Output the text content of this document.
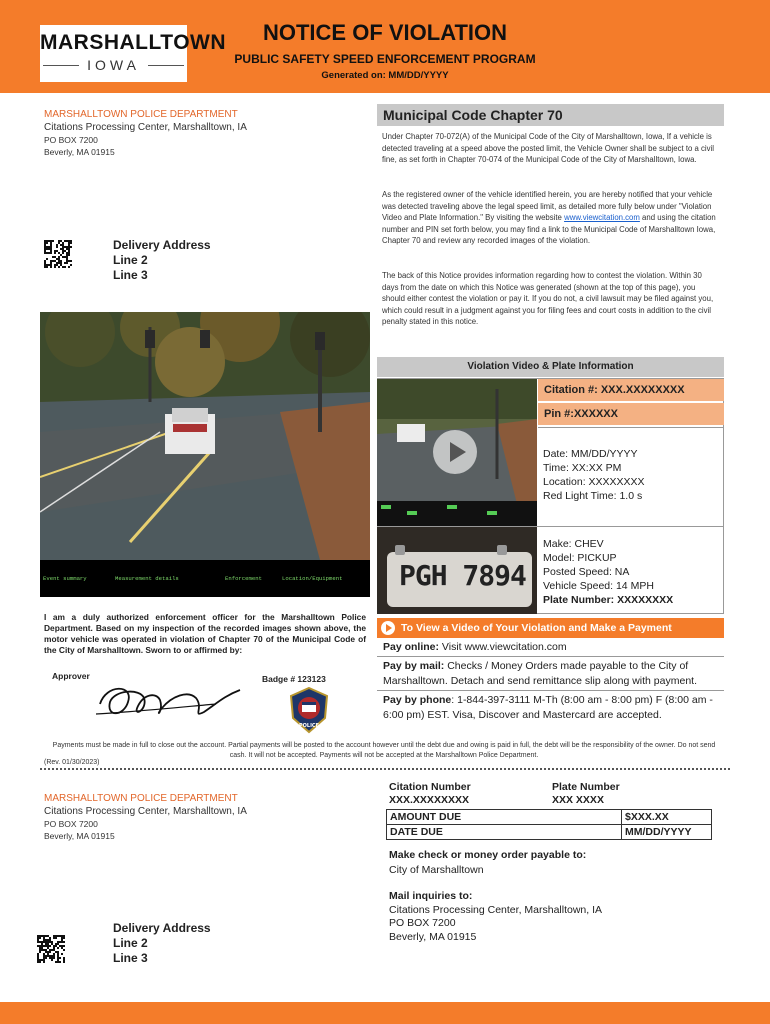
MARSHALLTOWN
IOWA
NOTICE OF VIOLATION
PUBLIC SAFETY SPEED ENFORCEMENT PROGRAM
Generated on: MM/DD/YYYY
MARSHALLTOWN POLICE DEPARTMENT
Citations Processing Center, Marshalltown, IA
PO BOX 7200
Beverly, MA 01915
Delivery Address
Line 2
Line 3
Municipal Code Chapter 70
Under Chapter 70-072(A) of the Municipal Code of the City of Marshalltown, Iowa, If a vehicle is detected traveling at a speed above the posted limit, the Vehicle Owner shall be subject to a civil fine, as set forth in Chapter 70-074 of the Municipal Code of the City of Marshalltown, Iowa.
As the registered owner of the vehicle identified herein, you are hereby notified that your vehicle was detected traveling above the legal speed limit, as detailed more fully below under "Violation Video and Plate Information." By visiting the website www.viewcitation.com and using the citation number and PIN set forth below, you may find a link to the Municipal Code of Marshalltown Iowa, Chapter 70 and review any recorded images of the violation.
The back of this Notice provides information regarding how to contest the violation. Within 30 days from the date on which this Notice was generated (shown at the top of this page), you should either contest the violation or pay it. If you do not, a civil lawsuit may be filed against you, which could result in a judgment against you for filing fees and court costs in addition to the civil penalty stated in this notice.

Event summary	Measurement details	Enforcement	Location/Equipment

Violation Video & Plate Information
Citation #: XXX.XXXXXXXX
Pin #:XXXXXX
Date: MM/DD/YYYY
Time: XX:XX PM
Location: XXXXXXXX
Red Light Time: 1.0 s
PGH 7894
Make: CHEV
Model: PICKUP
Posted Speed: NA
Vehicle Speed: 14 MPH
Plate Number: XXXXXXXX
I am a duly authorized enforcement officer for the Marshalltown Police Department. Based on my inspection of the recorded images shown above, the motor vehicle was operated in violation of Chapter 70 of the Municipal Code of the City of Marshalltown. Sworn to or affirmed by:
Approver	Badge # 123123
POLICE
To View a Video of Your Violation and Make a Payment
Pay online: Visit www.viewcitation.com
Pay by mail: Checks / Money Orders made payable to the City of Marshalltown. Detach and send remittance slip along with payment.
Pay by phone: 1-844-397-3111 M-Th (8:00 am - 8:00 pm) F (8:00 am - 6:00 pm) EST. Visa, Discover and Mastercard are accepted.
Payments must be made in full to close out the account. Partial payments will be posted to the account however until the debt due and owing is paid in full, the debt will be the responsibility of the owner. Do not send cash. It will not be accepted. Payments will not be accepted at the Marshalltown Police Department.
(Rev. 01/30/2023)
MARSHALLTOWN POLICE DEPARTMENT
Citations Processing Center, Marshalltown, IA
PO BOX 7200
Beverly, MA 01915
Delivery Address
Line 2
Line 3
Citation Number
XXX.XXXXXXXX
Plate Number
XXX XXXX
AMOUNT DUE	$XXX.XX
DATE DUE	MM/DD/YYYY
Make check or money order payable to:
City of Marshalltown
Mail inquiries to:
Citations Processing Center, Marshalltown, IA
PO BOX 7200
Beverly, MA 01915
